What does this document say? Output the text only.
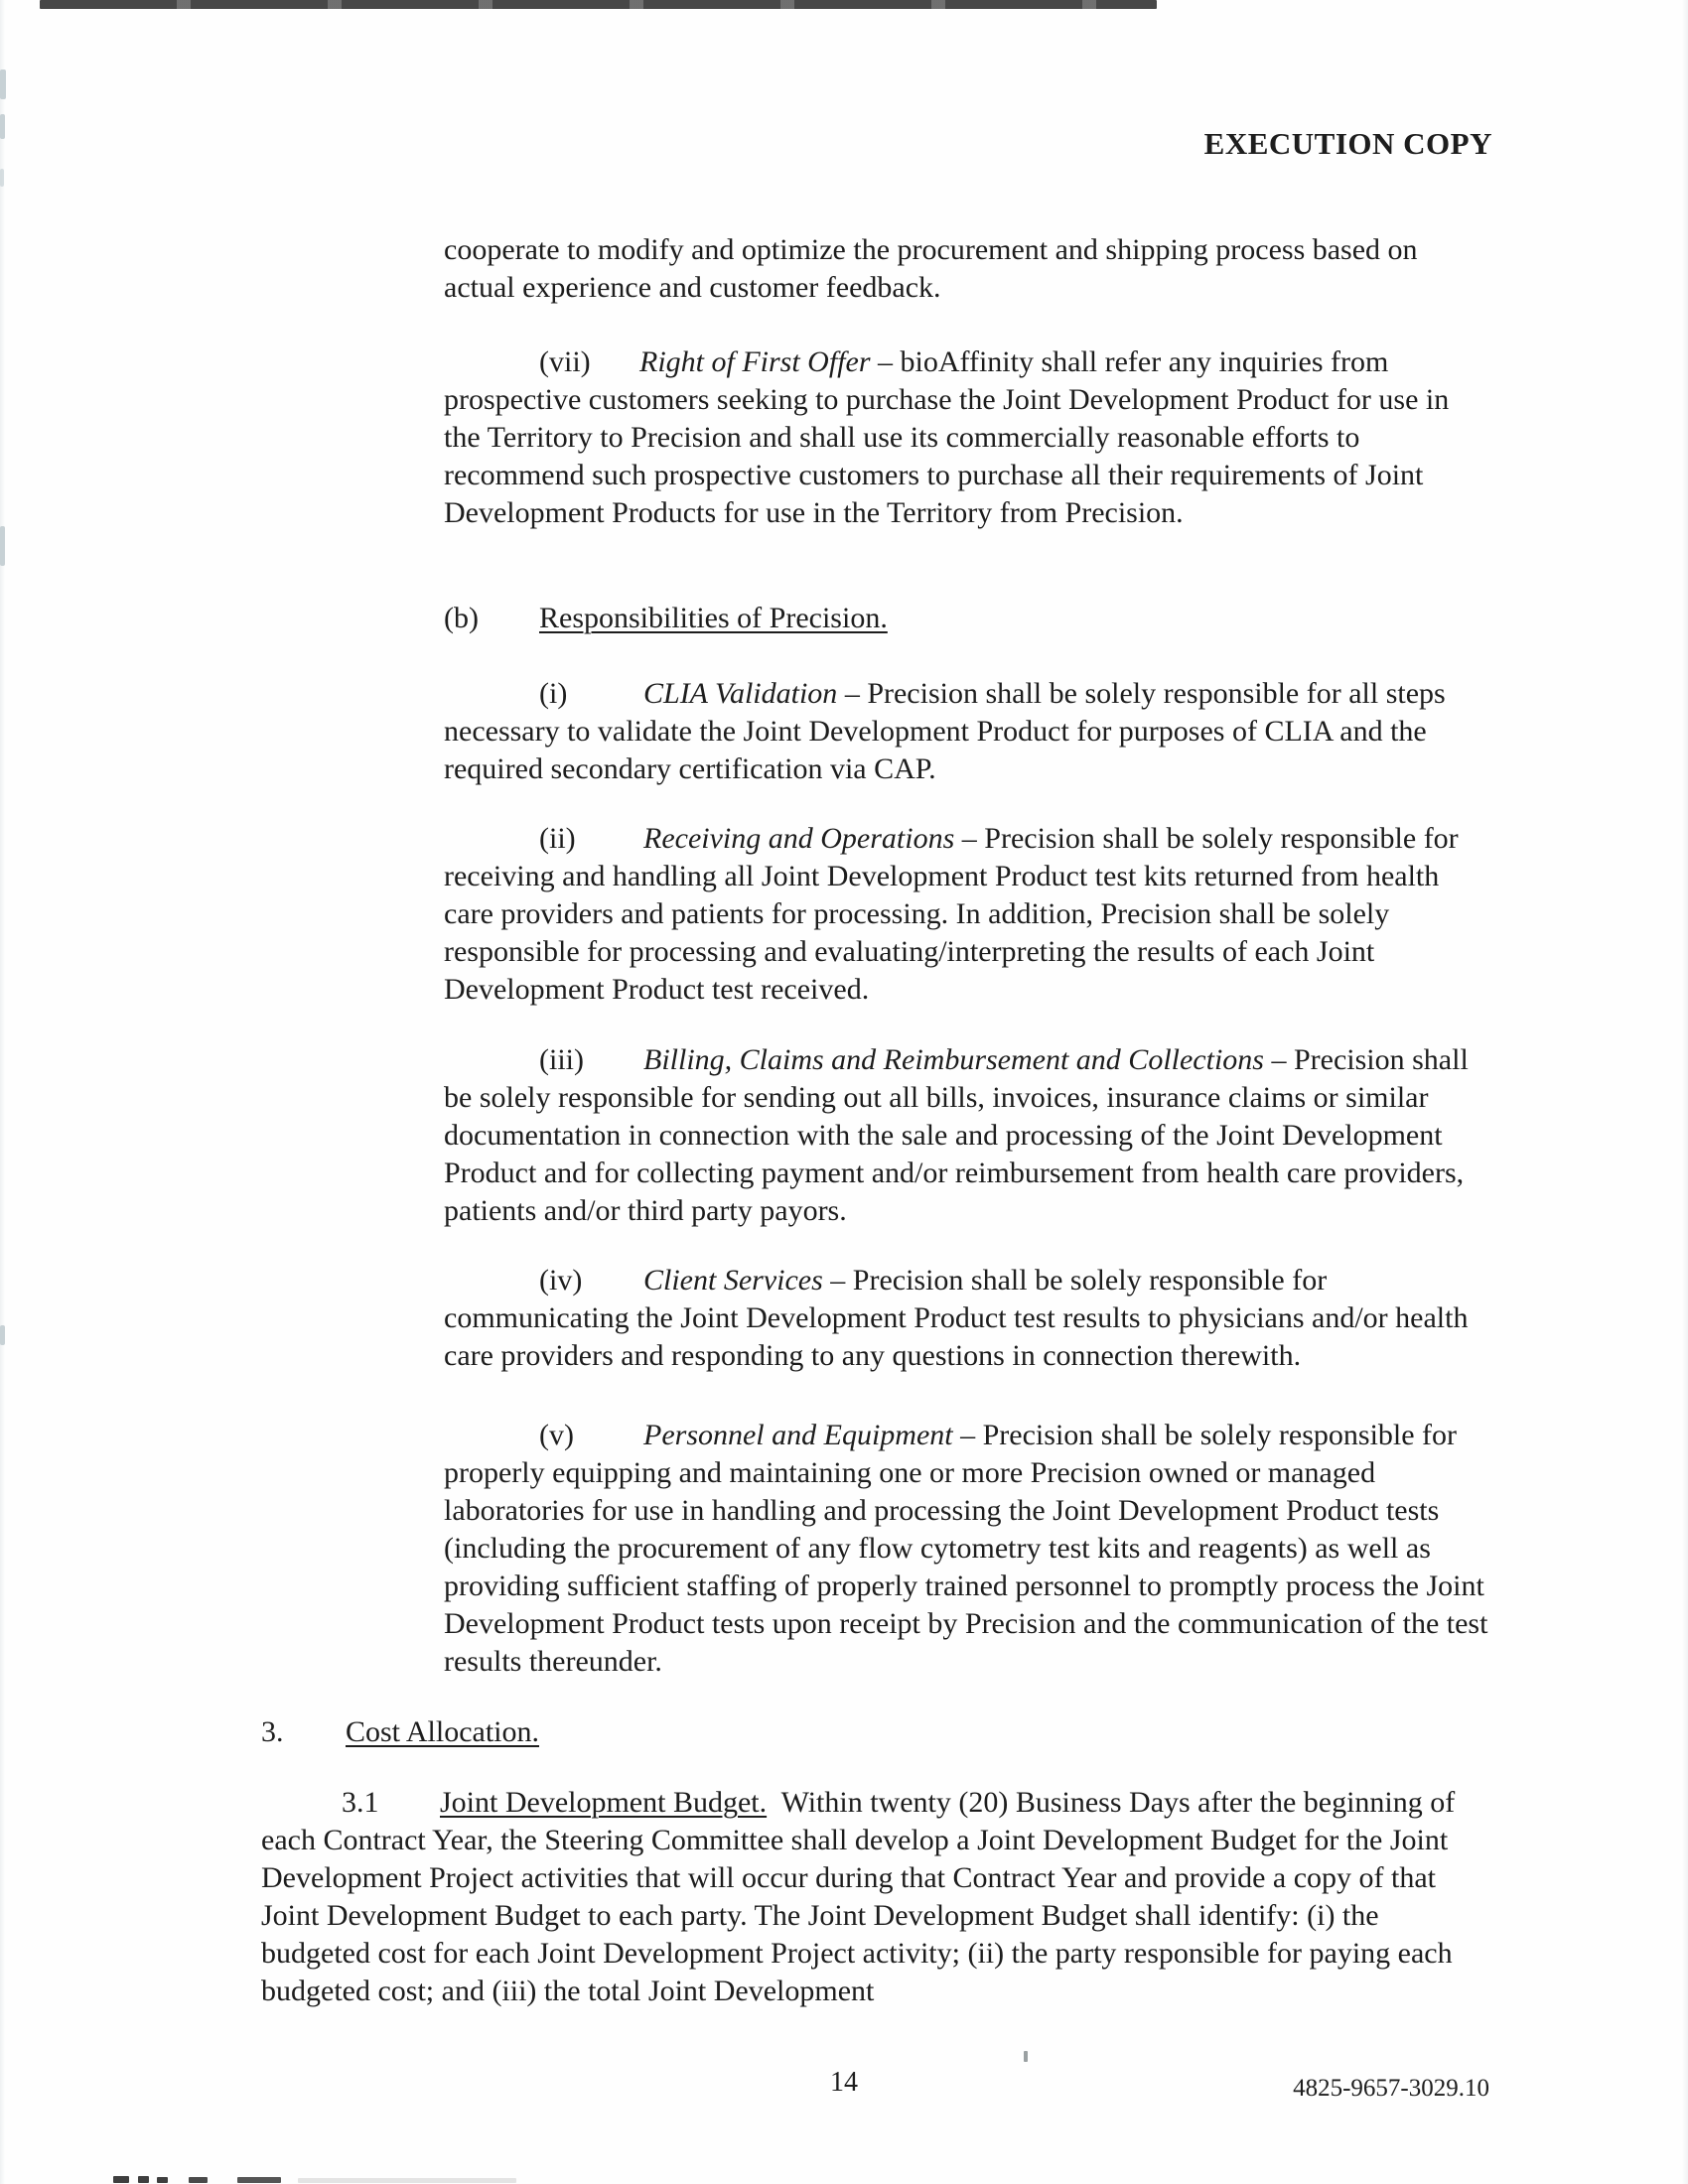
EXECUTION COPY

cooperate to modify and optimize the procurement and shipping process based on actual experience and customer feedback.

(vii) Right of First Offer – bioAffinity shall refer any inquiries from prospective customers seeking to purchase the Joint Development Product for use in the Territory to Precision and shall use its commercially reasonable efforts to recommend such prospective customers to purchase all their requirements of Joint Development Products for use in the Territory from Precision.

(b) Responsibilities of Precision.

(i)	CLIA Validation – Precision shall be solely responsible for all steps necessary to validate the Joint Development Product for purposes of CLIA and the required secondary certification via CAP.

(ii) Receiving and Operations – Precision shall be solely responsible for receiving and handling all Joint Development Product test kits returned from health care providers and patients for processing. In addition, Precision shall be solely responsible for processing and evaluating/interpreting the results of each Joint Development Product test received.

(iii) Billing, Claims and Reimbursement and Collections – Precision shall be solely responsible for sending out all bills, invoices, insurance claims or similar documentation in connection with the sale and processing of the Joint Development Product and for collecting payment and/or reimbursement from health care providers, patients and/or third party payors.

(iv) Client Services – Precision shall be solely responsible for communicating the Joint Development Product test results to physicians and/or health care providers and responding to any questions in connection therewith.

(v) Personnel and Equipment – Precision shall be solely responsible for properly equipping and maintaining one or more Precision owned or managed laboratories for use in handling and processing the Joint Development Product tests (including the procurement of any flow cytometry test kits and reagents) as well as providing sufficient staffing of properly trained personnel to promptly process the Joint Development Product tests upon receipt by Precision and the communication of the test results thereunder.

3. Cost Allocation.

3.1 Joint Development Budget. Within twenty (20) Business Days after the beginning of each Contract Year, the Steering Committee shall develop a Joint Development Budget for the Joint Development Project activities that will occur during that Contract Year and provide a copy of that Joint Development Budget to each party. The Joint Development Budget shall identify: (i) the budgeted cost for each Joint Development Project activity; (ii) the party responsible for paying each budgeted cost; and (iii) the total Joint Development

14	4825-9657-3029.10
